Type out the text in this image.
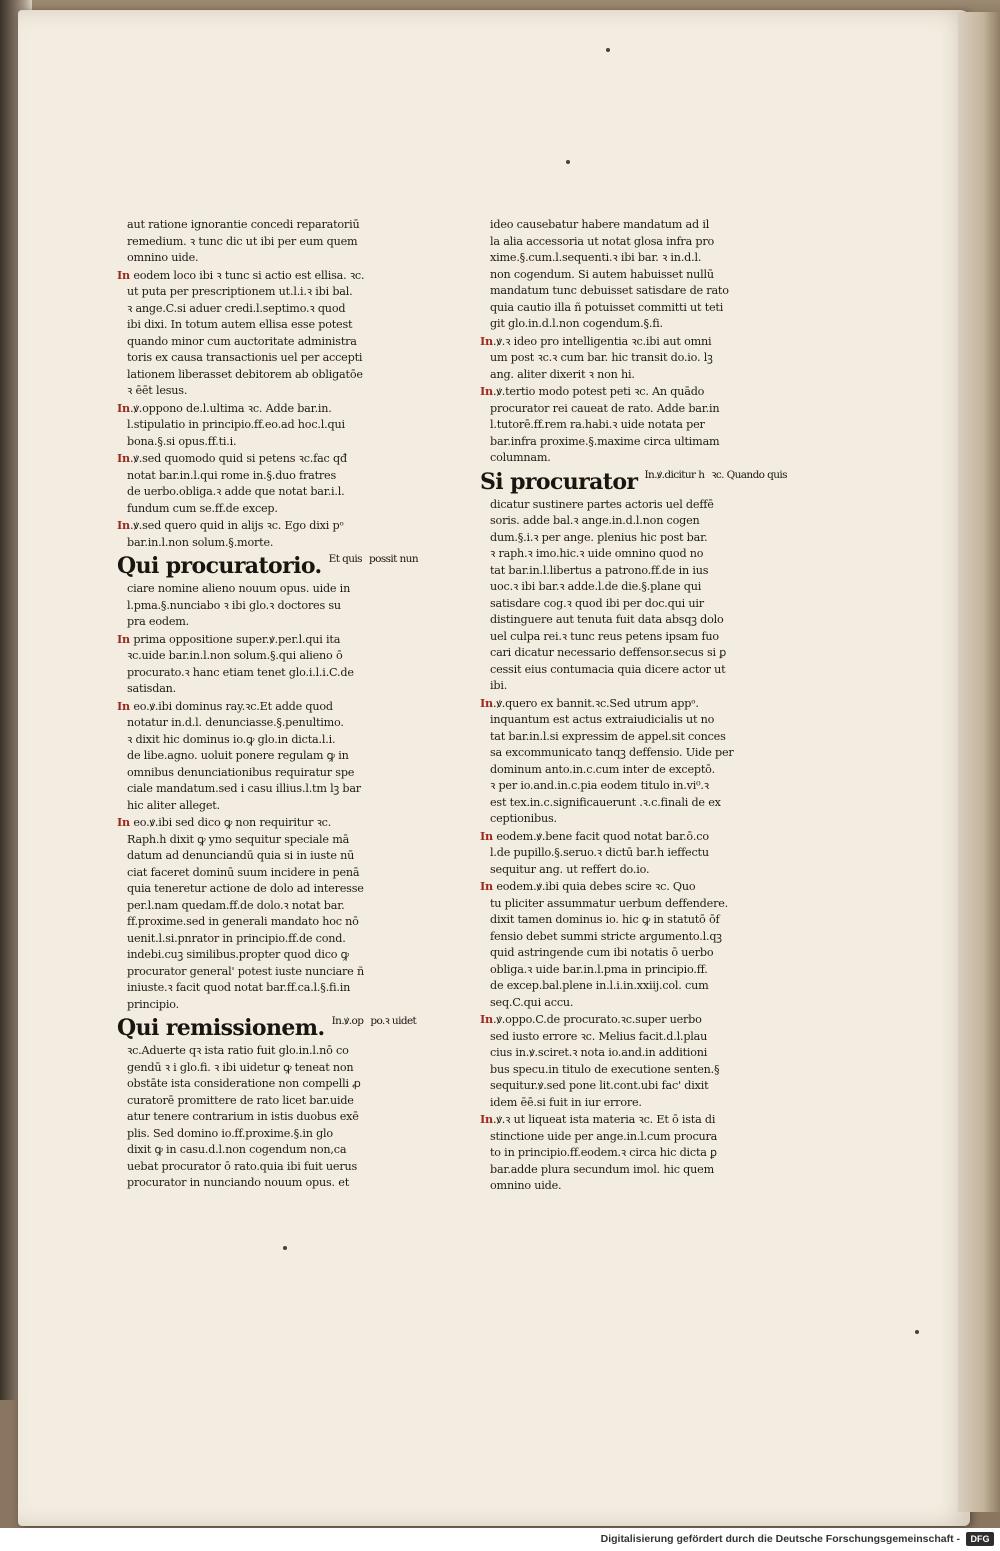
aut ratione ignorantie concedi reparatoriū
remedium. ꝛ tunc dic ut ibi per eum quem
omnino uide.
In eodem loco ibi ꝛ tunc si actio est ellisa. ꝛc.
ut puta per prescriptionem ut.l.i.ꝛ ibi bal.
ꝛ ange.C.si aduer credi.l.septimo.ꝛ quod
ibi dixi. In totum autem ellisa esse potest
quando minor cum auctoritate administra
toris ex causa transactionis uel per accepti
lationem liberasset debitorem ab obligatōe
ꝛ ēēt lesus.
In.ꝟ.oppono de.l.ultima ꝛc. Adde bar.in.
l.stipulatio in principio.ff.eo.ad hoc.l.qui
bona.§.si opus.ff.ti.i.
In.ꝟ.sed quomodo quid si petens ꝛc.fac qđ
notat bar.in.l.qui rome in.§.duo fratres
de uerbo.obliga.ꝛ adde que notat bar.i.l.
fundum cum se.ff.de excep.
In.ꝟ.sed quero quid in alijs ꝛc. Ego dixi pᵒ
bar.in.l.non solum.§.morte.
Qui procuratorio. $^{Et quis}$ $^{possit nun}$
ciare nomine alieno nouum opus. uide in
l.pma.§.nunciabo ꝛ ibi glo.ꝛ doctores su
pra eodem.
In prima oppositione super.ꝟ.per.l.qui ita
ꝛc.uide bar.in.l.non solum.§.qui alieno ō
procurato.ꝛ hanc etiam tenet glo.i.l.i.C.de
satisdan.
In eo.ꝟ.ibi dominus ray.ꝛc.Et adde quod
notatur in.d.l. denunciasse.§.penultimo.
ꝛ dixit hic dominus io.ꝙ glo.in dicta.l.i.
de libe.agno. uoluit ponere regulam ꝙ in
omnibus denunciationibus requiratur spe
ciale mandatum.sed i casu illius.l.tm lꝫ bar
hic aliter alleget.
In eo.ꝟ.ibi sed dico ꝙ non requiritur ꝛc.
Raph.h dixit ꝙ ymo sequitur speciale mā
datum ad denunciandū quia si in iuste nū
ciat faceret dominū suum incidere in penā
quia teneretur actione de dolo ad interesse
per.l.nam quedam.ff.de dolo.ꝛ notat bar.
ff.proxime.sed in generali mandato hoc nō
uenit.l.si.pnrator in principio.ff.de cond.
indebi.cuꝫ similibus.propter quod dico ꝙ
procurator general' potest iuste nunciare ñ
iniuste.ꝛ facit quod notat bar.ff.ca.l.§.fi.in
principio.
Qui remissionem. $^{In.ꝟ.op}$ $^{po.ꝛ uidet}$
ꝛc.Aduerte qꝛ ista ratio fuit glo.in.l.nō co
gendū ꝛ i glo.fi. ꝛ ibi uidetur ꝙ teneat non
obstāte ista consideratione non compelli ꝓ
curatorē promittere de rato licet bar.uide
atur tenere contrarium in istis duobus exē
plis. Sed domino io.ff.proxime.§.in glo
dixit ꝙ in casu.d.l.non cogendum non,ca
uebat procurator ō rato.quia ibi fuit uerus
procurator in nunciando nouum opus. et
ideo causebatur habere mandatum ad il
la alia accessoria ut notat glosa infra pro
xime.§.cum.l.sequenti.ꝛ ibi bar. ꝛ in.d.l.
non cogendum. Si autem habuisset nullū
mandatum tunc debuisset satisdare de rato
quia cautio illa ñ potuisset committi ut teti
git glo.in.d.l.non cogendum.§.fi.
In.ꝟ.ꝛ ideo pro intelligentia ꝛc.ibi aut omni
um post ꝛc.ꝛ cum bar. hic transit do.io. lꝫ
ang. aliter dixerit ꝛ non hi.
In.ꝟ.tertio modo potest peti ꝛc. An quādo
procurator rei caueat de rato. Adde bar.in
l.tutorē.ff.rem ra.habi.ꝛ uide notata per
bar.infra proxime.§.maxime circa ultimam
columnam.
Si procurator $^{In.ꝟ.dicitur h}$ $^{ꝛc. Quando quis}$
dicatur sustinere partes actoris uel deffē
soris. adde bal.ꝛ ange.in.d.l.non cogen
dum.§.i.ꝛ per ange. plenius hic post bar.
ꝛ raph.ꝛ imo.hic.ꝛ uide omnino quod no
tat bar.in.l.libertus a patrono.ff.de in ius
uoc.ꝛ ibi bar.ꝛ adde.l.de die.§.plane qui
satisdare cog.ꝛ quod ibi per doc.qui uir
distinguere aut tenuta fuit data absqꝫ dolo
uel culpa rei.ꝛ tunc reus petens ipsam fuo
cari dicatur necessario deffensor.secus si ꝑ
cessit eius contumacia quia dicere actor ut
ibi.
In.ꝟ.quero ex bannit.ꝛc.Sed utrum appᵒ.
inquantum est actus extraiudicialis ut no
tat bar.in.l.si expressim de appel.sit conces
sa excommunicato tanqꝫ deffensio. Uide per
dominum anto.in.c.cum inter de exceptō.
ꝛ per io.and.in.c.pia eodem titulo in.vi⁰.ꝛ
est tex.in.c.significauerunt .ꝛ.c.finali de ex
ceptionibus.
In eodem.ꝟ.bene facit quod notat bar.ō.co
l.de pupillo.§.seruo.ꝛ dictū bar.h ieffectu
sequitur ang. ut reffert do.io.
In eodem.ꝟ.ibi quia debes scire ꝛc. Quo
tu pliciter assummatur uerbum deffendere.
dixit tamen dominus io. hic ꝙ in statutō ōf
fensio debet summi stricte argumento.l.qꝫ
quid astringende cum ibi notatis ō uerbo
obliga.ꝛ uide bar.in.l.pma in principio.ff.
de excep.bal.plene in.l.i.in.xxiij.col. cum
seq.C.qui accu.
In.ꝟ.oppo.C.de procurato.ꝛc.super uerbo
sed iusto errore ꝛc. Melius facit.d.l.plau
cius in.ꝟ.sciret.ꝛ nota io.and.in additioni
bus specu.in titulo de executione senten.§
sequitur.ꝟ.sed pone lit.cont.ubi fac' dixit
idem ēē.si fuit in iur errore.
In.ꝟ.ꝛ ut liqueat ista materia ꝛc. Et ō ista di
stinctione uide per ange.in.l.cum procura
to in principio.ff.eodem.ꝛ circa hic dicta ꝑ
bar.adde plura secundum imol. hic quem
omnino uide.
Digitalisierung gefördert durch die Deutsche Forschungsgemeinschaft -	DFG
